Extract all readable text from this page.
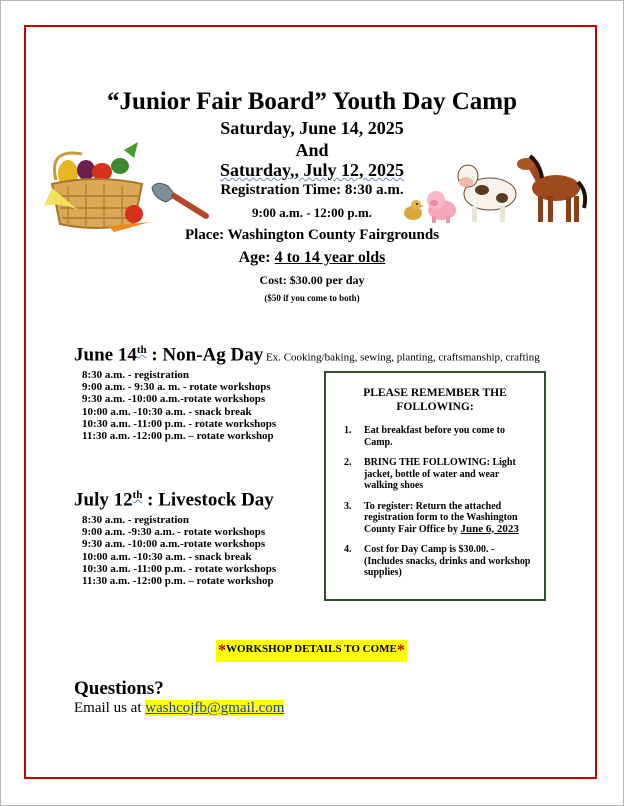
“Junior Fair Board” Youth Day Camp
Saturday, June 14, 2025
And
Saturday,, July 12, 2025
Registration Time: 8:30 a.m.
9:00 a.m. - 12:00 p.m.
Place: Washington County Fairgrounds
Age: 4 to 14 year olds
Cost: $30.00 per day
($50 if you come to both)
June 14th : Non-Ag Day Ex. Cooking/baking, sewing, planting, craftsmanship, crafting
8:30 a.m. - registration
9:00 a.m. - 9:30 a. m. - rotate workshops
9:30 a.m. -10:00 a.m.-rotate workshops
10:00 a.m. -10:30 a.m. - snack break
10:30 a.m. -11:00 p.m. - rotate workshops
11:30 a.m. -12:00 p.m. – rotate workshop
July 12th : Livestock Day
8:30 a.m. - registration
9:00 a.m. -9:30 a.m. - rotate workshops
9:30 a.m. -10:00 a.m.-rotate workshops
10:00 a.m. -10:30 a.m. - snack break
10:30 a.m. -11:00 p.m. - rotate workshops
11:30 a.m. -12:00 p.m. – rotate workshop
PLEASE REMEMBER THE FOLLOWING:
1. Eat breakfast before you come to Camp.
2. BRING THE FOLLOWING: Light jacket, bottle of water and wear walking shoes
3. To register: Return the attached registration form to the Washington County Fair Office by June 6, 2023
4. Cost for Day Camp is $30.00. - (Includes snacks, drinks and workshop supplies)
*WORKSHOP DETAILS TO COME*
Questions?
Email us at washcojfb@gmail.com
